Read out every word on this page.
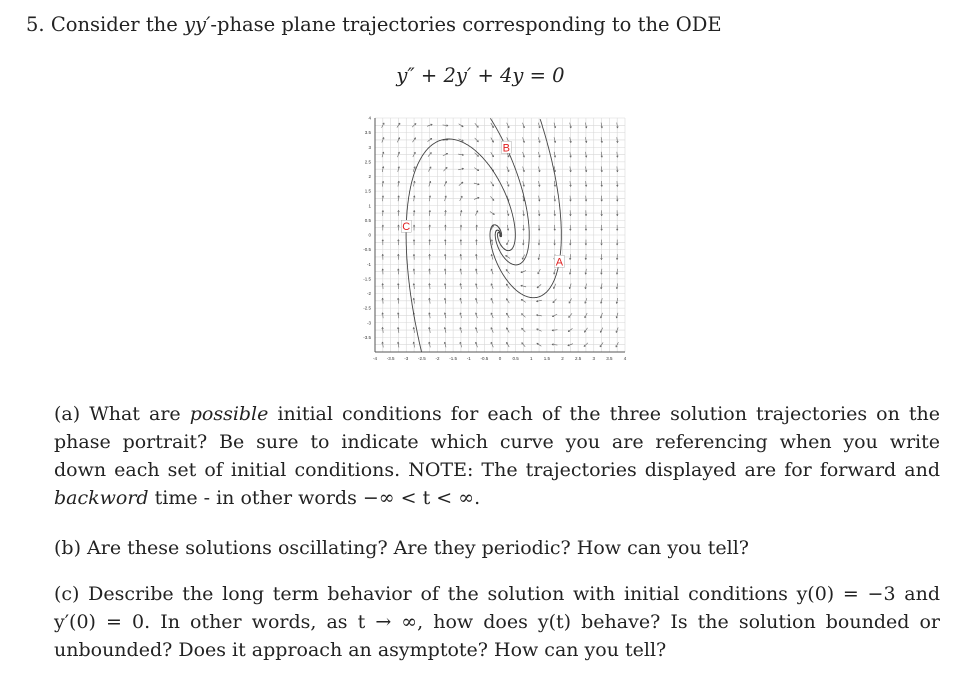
5. Consider the yy′-phase plane trajectories corresponding to the ODE
y″ + 2y′ + 4y = 0
-4 -3.5 -3 -2.5 -2 -1.5 -1 -0.5 0 0.5 1 1.5 2 2.5 3 3.5 4
4
3.5
3
2.5
2
1.5
1
0.5
0
-0.5
-1
-1.5
-2
-2.5
-3
-3.5
B
C
A
(a) What are possible initial conditions for each of the three solution trajectories on the
phase portrait? Be sure to indicate which curve you are referencing when you write
down each set of initial conditions. NOTE: The trajectories displayed are for forward and
backword time - in other words −∞ < t < ∞.
(b) Are these solutions oscillating? Are they periodic? How can you tell?
(c) Describe the long term behavior of the solution with initial conditions y(0) = −3 and
y′(0) = 0. In other words, as t → ∞, how does y(t) behave? Is the solution bounded or
unbounded? Does it approach an asymptote? How can you tell?
